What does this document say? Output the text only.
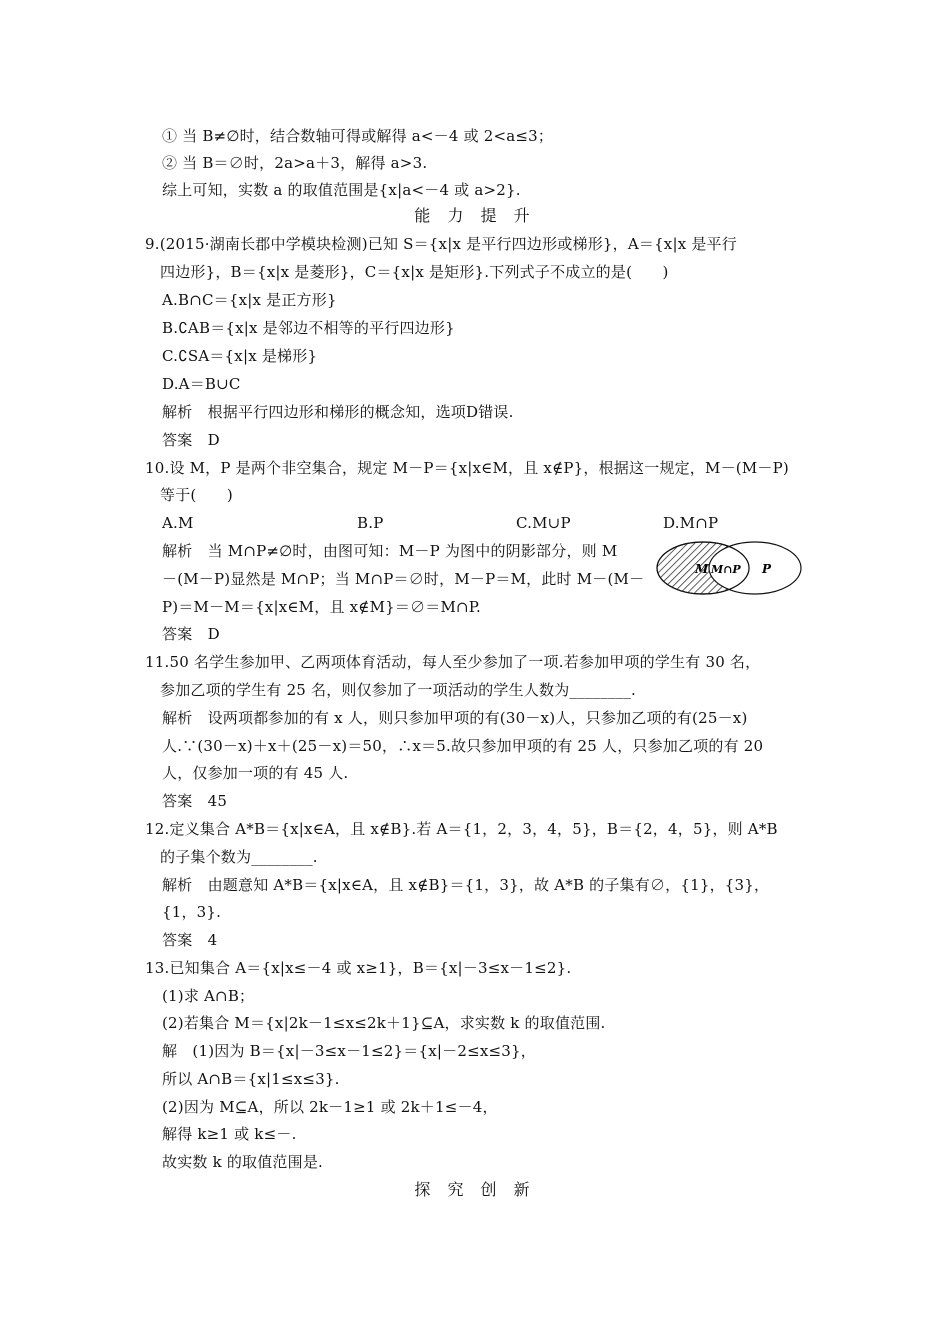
① 当 B≠∅时，结合数轴可得或解得 a<－4 或 2<a≤3；
② 当 B＝∅时，2a>a＋3，解得 a>3.
综上可知，实数 a 的取值范围是{x|a<－4 或 a>2}.
能 力 提 升
9.(2015·湖南长郡中学模块检测)已知 S＝{x|x 是平行四边形或梯形}，A＝{x|x 是平行
四边形}，B＝{x|x 是菱形}，C＝{x|x 是矩形}.下列式子不成立的是(　　)
A.B∩C＝{x|x 是正方形}
B.∁AB＝{x|x 是邻边不相等的平行四边形}
C.∁SA＝{x|x 是梯形}
D.A＝B∪C
解析　根据平行四边形和梯形的概念知，选项D错误.
答案　D
10.设 M，P 是两个非空集合，规定 M－P＝{x|x∈M，且 x∉P}，根据这一规定，M－(M－P)
等于(　　)
A.M	B.P	C.M∪P	D.M∩P
解析　当 M∩P≠∅时，由图可知：M－P 为图中的阴影部分，则 M
－(M－P)显然是 M∩P；当 M∩P＝∅时，M－P＝M，此时 M－(M－
P)＝M－M＝{x|x∈M，且 x∉M}＝∅＝M∩P.
答案　D
M M∩P P
11.50 名学生参加甲、乙两项体育活动，每人至少参加了一项.若参加甲项的学生有 30 名，
参加乙项的学生有 25 名，则仅参加了一项活动的学生人数为________.
解析　设两项都参加的有 x 人，则只参加甲项的有(30－x)人，只参加乙项的有(25－x)
人.∵(30－x)＋x＋(25－x)＝50，∴x＝5.故只参加甲项的有 25 人，只参加乙项的有 20
人，仅参加一项的有 45 人.
答案　45
12.定义集合 A*B＝{x|x∈A，且 x∉B}.若 A＝{1，2，3，4，5}，B＝{2，4，5}，则 A*B
的子集个数为________.
解析　由题意知 A*B＝{x|x∈A，且 x∉B}＝{1，3}，故 A*B 的子集有∅，{1}，{3}，
{1，3}.
答案　4
13.已知集合 A＝{x|x≤－4 或 x≥1}，B＝{x|－3≤x－1≤2}.
(1)求 A∩B；
(2)若集合 M＝{x|2k－1≤x≤2k＋1}⊆A，求实数 k 的取值范围.
解　(1)因为 B＝{x|－3≤x－1≤2}＝{x|－2≤x≤3}，
所以 A∩B＝{x|1≤x≤3}.
(2)因为 M⊆A，所以 2k－1≥1 或 2k＋1≤－4，
解得 k≥1 或 k≤－.
故实数 k 的取值范围是.
探 究 创 新
